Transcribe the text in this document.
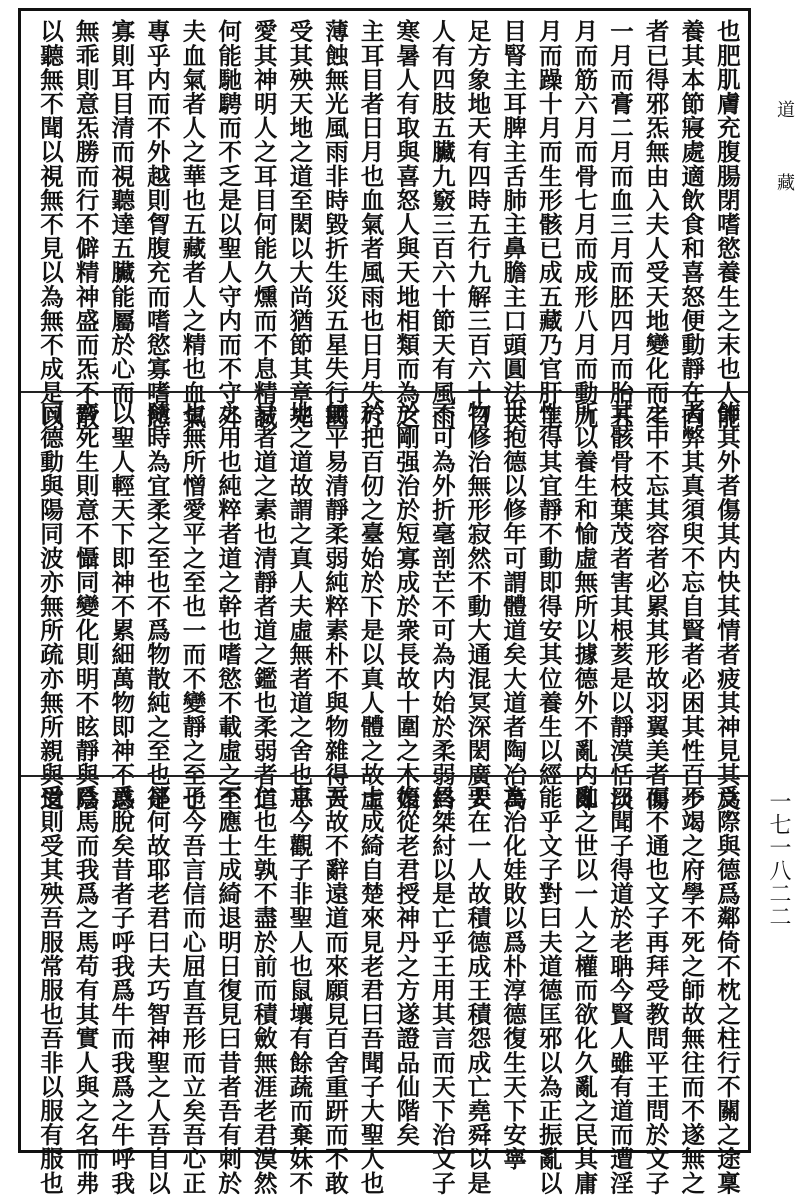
也肥肌膚充腹腸閉嗜慾養生之末也人能
養其本節寢處適飲食和喜怒便動靜在内
者已得邪炁無由入夫人受天地變化而生
一月而膏二月而血三月而胚四月而胎五
月而筋六月而骨七月而成形八月而動九
月而躁十月而生形骸已成五藏乃官肝主
目腎主耳脾主舌肺主鼻膽主口頭圓法天
足方象地天有四時五行九解三百六十日
人有四肢五臟九竅三百六十節天有風雨
寒暑人有取與喜怒人與天地相類而為之
主耳目者日月也血氣者風雨也日月失行
薄蝕無光風雨非時毀折生災五星失行國
受其殃天地之道至閎以大尚猶節其章光
愛其神明人之耳目何能久燻而不息精誠
何能馳騁而不乏是以聖人守内而不守外
夫血氣者人之華也五藏者人之精也血氣
專乎内而不外越則胷腹充而嗜慾寡嗜慾
寡則耳目清而視聽達五臟能屬於心而
無乖則意炁勝而行不僻精神盛而炁不散
以聽無不聞以視無不見以為無不成是以
飾其外者傷其内快其情者疲其神見其文
者弊其真須臾不忘自賢者必困其性百步
之中不忘其容者必累其形故羽翼美者傷
其骸骨枝葉茂者害其根荄是以靜漠恬淡
所以養生和愉虛無所以據德外不亂内即
性得其宜靜不動即得安其位養生以經
世抱德以修年可謂體道矣大道者陶冶萬
物修治無形寂然不動大通混冥深閎廣大
不可為外折毫剖芒不可為内始於柔弱終
於剛强治於短寡成於衆長故十圍之木始
於把百仞之臺始於下是以真人體之故虛
無平易清靜柔弱純粹素朴不與物雜得天
地之道故謂之真人夫虛無者道之舍也平
易者道之素也清靜者道之鑑也柔弱者道
之用也純粹者道之幹也嗜慾不載虛之至
也無所憎愛平之至也一而不變靜之至也
隨時為宜柔之至也不爲物散純之至也是
以聖人輕天下即神不累細萬物即神不惑
齊死生則意不懾同變化則明不眩靜與陰
同德動與陽同波亦無所疏亦無所親與道
爲際與德爲鄰倚不枕之柱行不關之途稟
不竭之府學不死之師故無往而不遂無之
而不通也文子再拜受教問平王問於文子
曰聞子得道於老聃今賢人雖有道而遭淫
亂之世以一人之權而欲化久亂之民其庸
能乎文子對曰夫道德匡邪以為正振亂以
為治化娃敗以爲朴淳德復生天下安寧
要在一人故積德成王積怨成亡堯舜以是
昌桀紂以是亡乎王用其言而天下治文子
復從老君授神丹之方遂證品仙階矣
士成綺自楚來見老君曰吾聞子大聖人也
吾故不辭遠道而來願見百舍重趼而不敢
息今觀子非聖人也鼠壤有餘蔬而棄妹不
仁也生孰不盡於前而積斂無涯老君漠然
不應士成綺退明日復見曰昔者吾有刺於
子今吾言信而心屈直吾形而立矣吾心正
郤何故耶老君曰夫巧智神聖之人吾自以
爲脫矣昔者子呼我爲牛而我爲之牛呼我
爲馬而我爲之馬苟有其實人與之名而弗
受則受其殃吾服常服也吾非以服有服也
道藏
一七一八二二
